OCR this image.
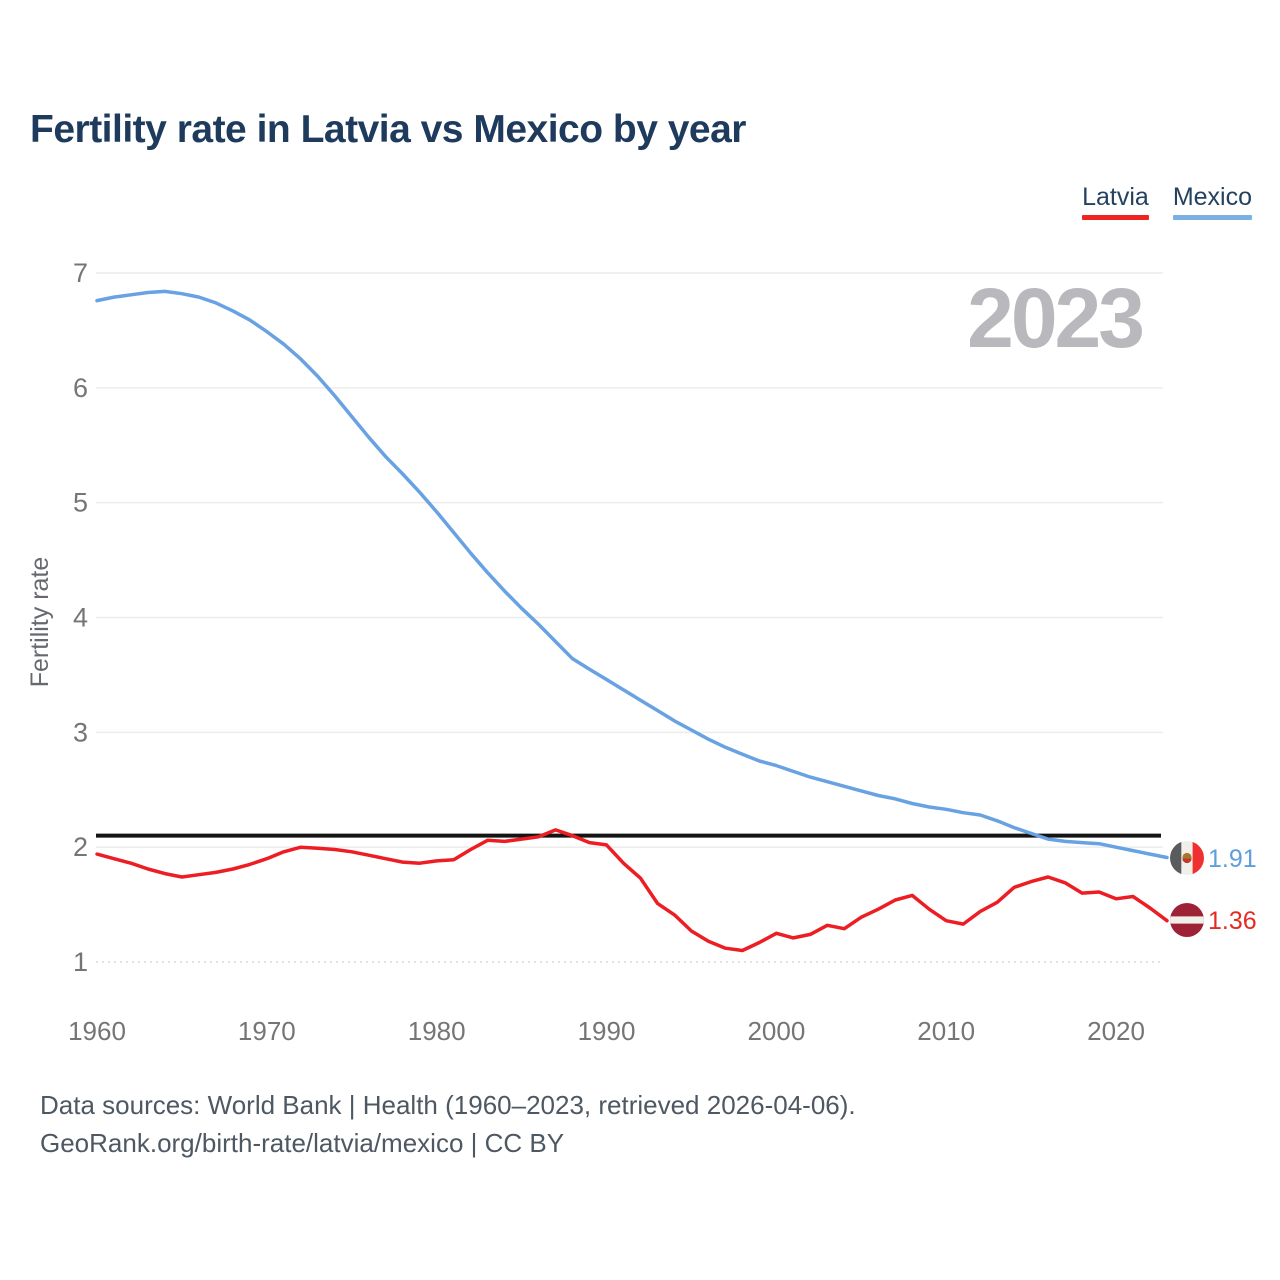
Fertility rate in Latvia vs Mexico by year
Latvia Mexico
1
2
3
4
5
6
7
1960	1970	1980	1990	2000	2010	2020
2023
Fertility rate
1.91
1.36
Data sources: World Bank | Health (1960–2023, retrieved 2026-04-06).
GeoRank.org/birth-rate/latvia/mexico | CC BY
